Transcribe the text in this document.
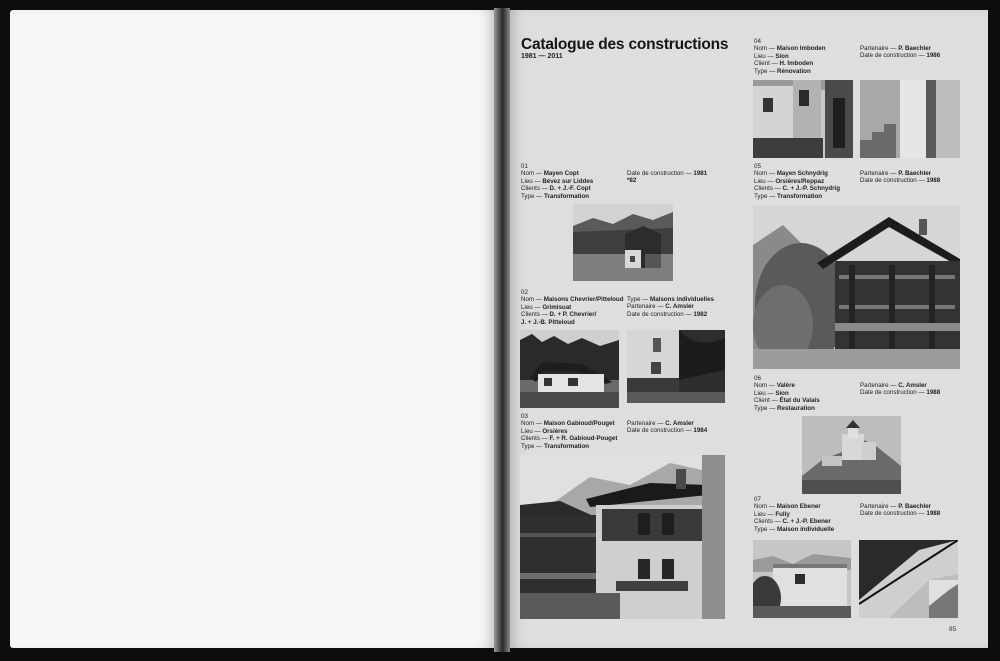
Catalogue des constructions
1981 — 2011
01
Nom — Mayen Copt
Lieu — Bévez sur Liddes
Clients — D. + J.-F. Copt
Type — Transformation
Date de construction — 1981
*82
02
Nom — Maisons Chevrier/Pitteloud
Lieu — Grimisuat
Clients — D. + P. Chevrier/
J. + J.-B. Pitteloud
Type — Maisons individuelles
Partenaire — C. Amsler
Date de construction — 1982
03
Nom — Maison Gabioud/Pouget
Lieu — Orsières
Clients — F. + R. Gabioud-Pouget
Type — Transformation
Partenaire — C. Amsler
Date de construction — 1984
04
Nom — Maison Imboden
Lieu — Sion
Client — H. Imboden
Type — Rénovation
Partenaire — P. Baechler
Date de construction — 1986
05
Nom — Mayen Schnydrig
Lieu — Orsières/Reppaz
Clients — C. + J.-P. Schnydrig
Type — Transformation
Partenaire — P. Baechler
Date de construction — 1988
06
Nom — Valère
Lieu — Sion
Client — État du Valais
Type — Restauration
Partenaire — C. Amsler
Date de construction — 1988
07
Nom — Maison Ebener
Lieu — Fully
Clients — C. + J.-P. Ebener
Type — Maison individuelle
Partenaire — P. Baechler
Date de construction — 1988
85
